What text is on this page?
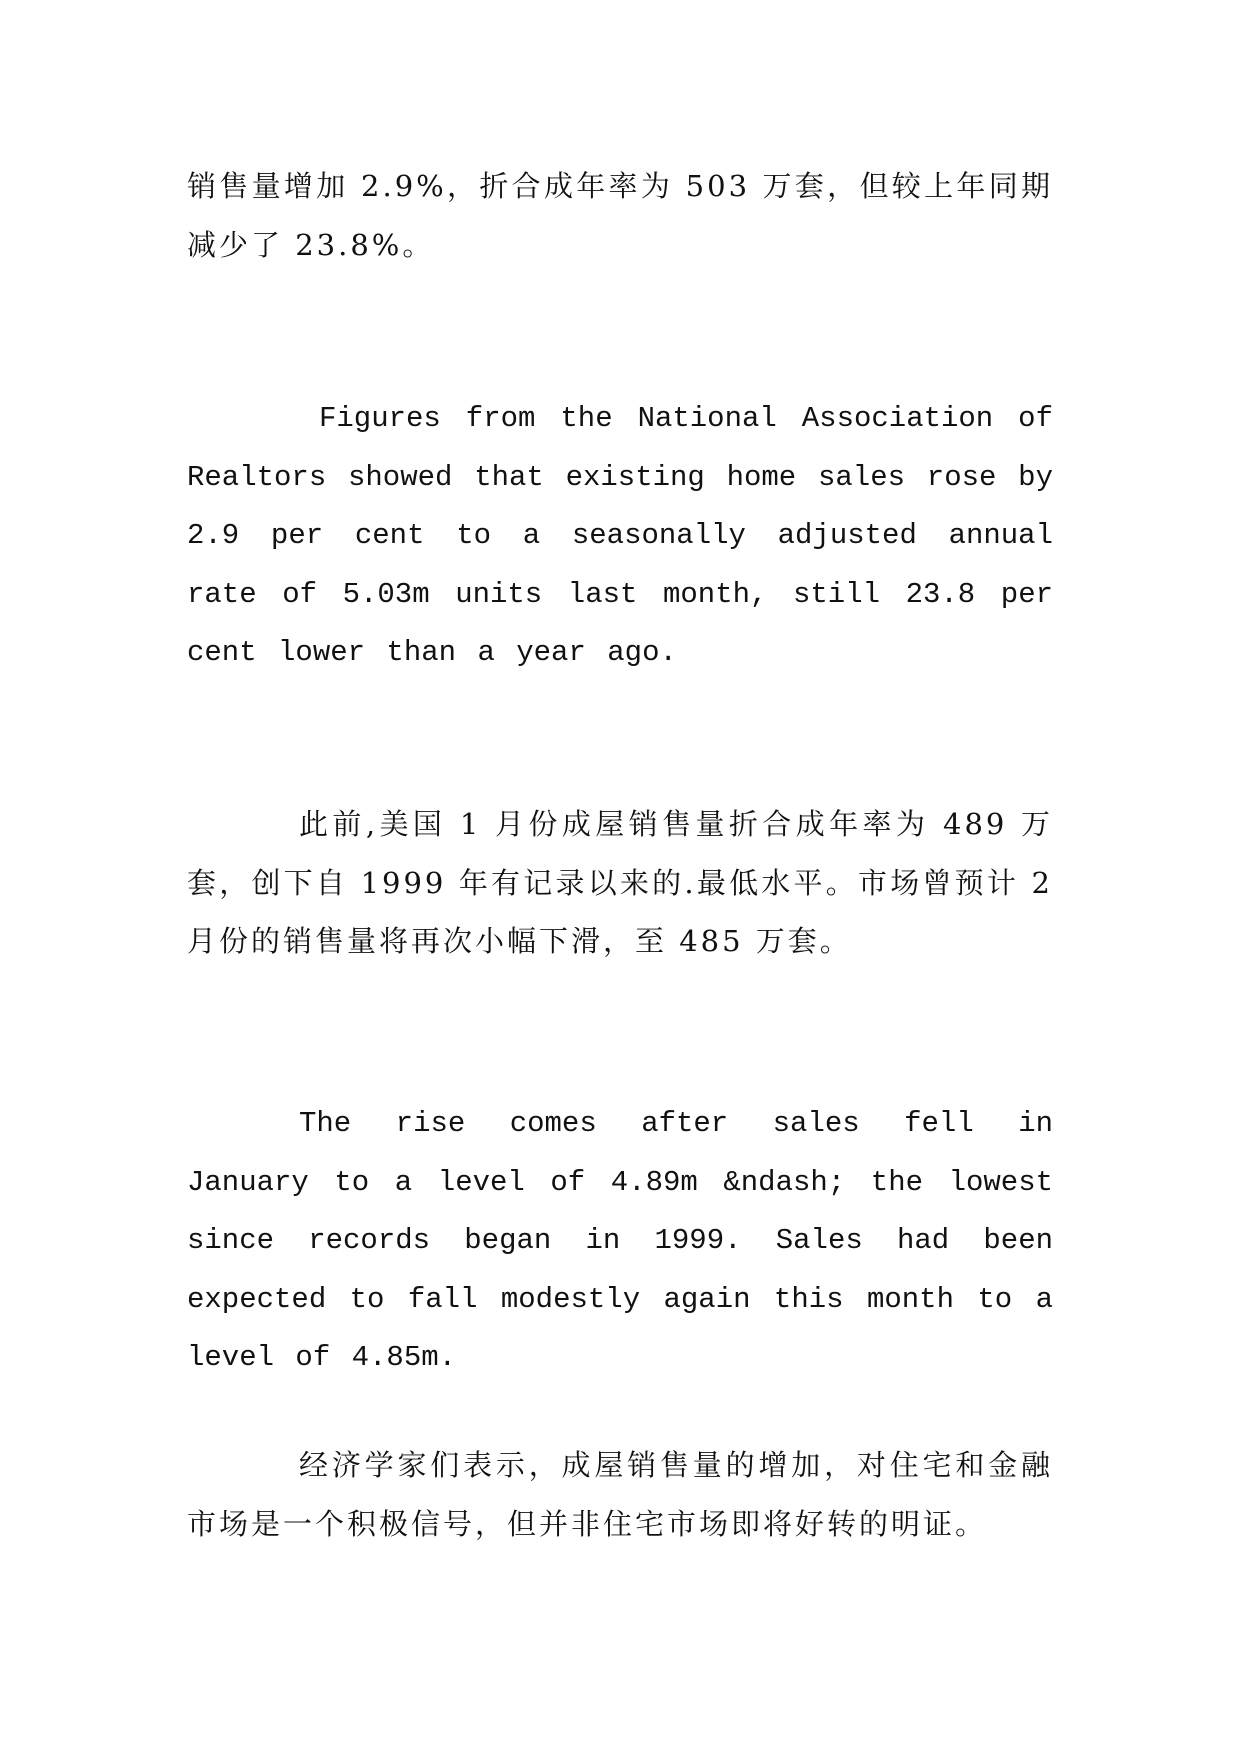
销售量增加 2.9%，折合成年率为 503 万套，但较上年同期减少了 23.8%。

Figures from the National Association of Realtors showed that existing home sales rose by 2.9 per cent to a seasonally adjusted annual rate of 5.03m units last month, still 23.8 per cent lower than a year ago.

此前,美国 1 月份成屋销售量折合成年率为 489 万套，创下自 1999 年有记录以来的.最低水平。市场曾预计 2 月份的销售量将再次小幅下滑，至 485 万套。

The rise comes after sales fell in January to a level of 4.89m &ndash; the lowest since records began in 1999. Sales had been expected to fall modestly again this month to a level of 4.85m.

经济学家们表示，成屋销售量的增加，对住宅和金融市场是一个积极信号，但并非住宅市场即将好转的明证。
